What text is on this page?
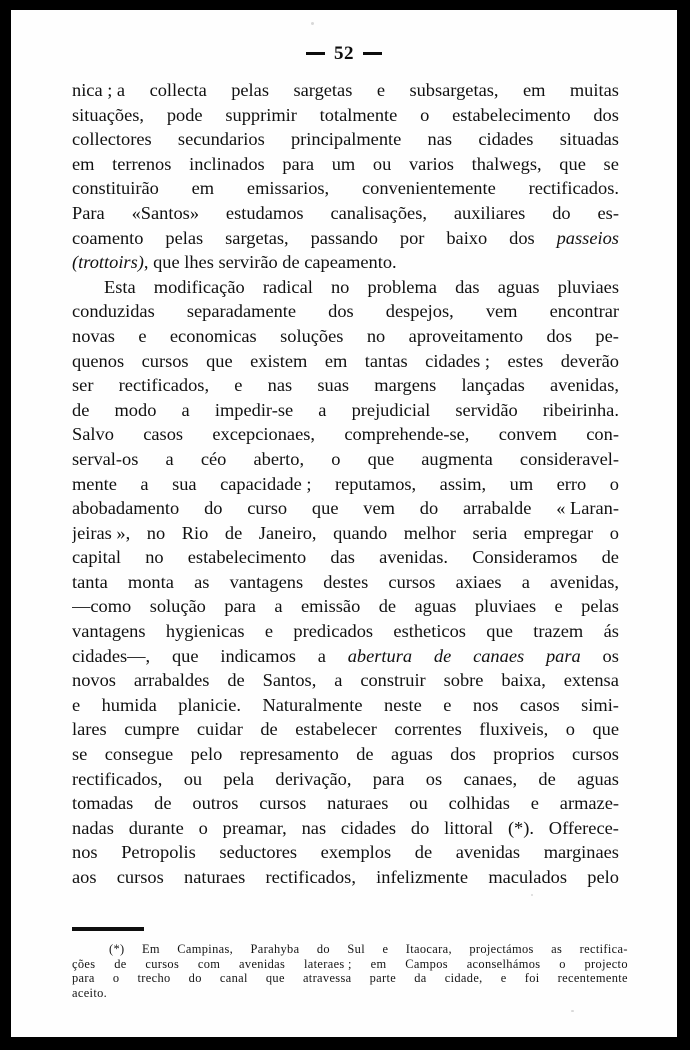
52
nica ; a collecta pelas sargetas e subsargetas, em muitas
situações, pode supprimir totalmente o estabelecimento dos
collectores secundarios principalmente nas cidades situadas
em terrenos inclinados para um ou varios thalwegs, que se
constituirão em emissarios, convenientemente rectificados.
Para «Santos» estudamos canalisações, auxiliares do es-
coamento pelas sargetas, passando por baixo dos passeios
(trottoirs), que lhes servirão de capeamento.
Esta modificação radical no problema das aguas pluviaes
conduzidas separadamente dos despejos, vem encontrar
novas e economicas soluções no aproveitamento dos pe-
quenos cursos que existem em tantas cidades ; estes deverão
ser rectificados, e nas suas margens lançadas avenidas,
de modo a impedir-se a prejudicial servidão ribeirinha.
Salvo casos excepcionaes, comprehende-se, convem con-
serval-os a céo aberto, o que augmenta consideravel-
mente a sua capacidade ; reputamos, assim, um erro o
abobadamento do curso que vem do arrabalde « Laran-
jeiras », no Rio de Janeiro, quando melhor seria empregar o
capital no estabelecimento das avenidas. Consideramos de
tanta monta as vantagens destes cursos axiaes a avenidas,
—como solução para a emissão de aguas pluviaes e pelas
vantagens hygienicas e predicados estheticos que trazem ás
cidades—, que indicamos a abertura de canaes para os
novos arrabaldes de Santos, a construir sobre baixa, extensa
e humida planicie. Naturalmente neste e nos casos simi-
lares cumpre cuidar de estabelecer correntes fluxiveis, o que
se consegue pelo represamento de aguas dos proprios cursos
rectificados, ou pela derivação, para os canaes, de aguas
tomadas de outros cursos naturaes ou colhidas e armaze-
nadas durante o preamar, nas cidades do littoral (*). Offerece-
nos Petropolis seductores exemplos de avenidas marginaes
aos cursos naturaes rectificados, infelizmente maculados pelo
(*) Em Campinas, Parahyba do Sul e Itaocara, projectámos as rectifica-
ções de cursos com avenidas lateraes ; em Campos aconselhámos o projecto
para o trecho do canal que atravessa parte da cidade, e foi recentemente
aceito.
